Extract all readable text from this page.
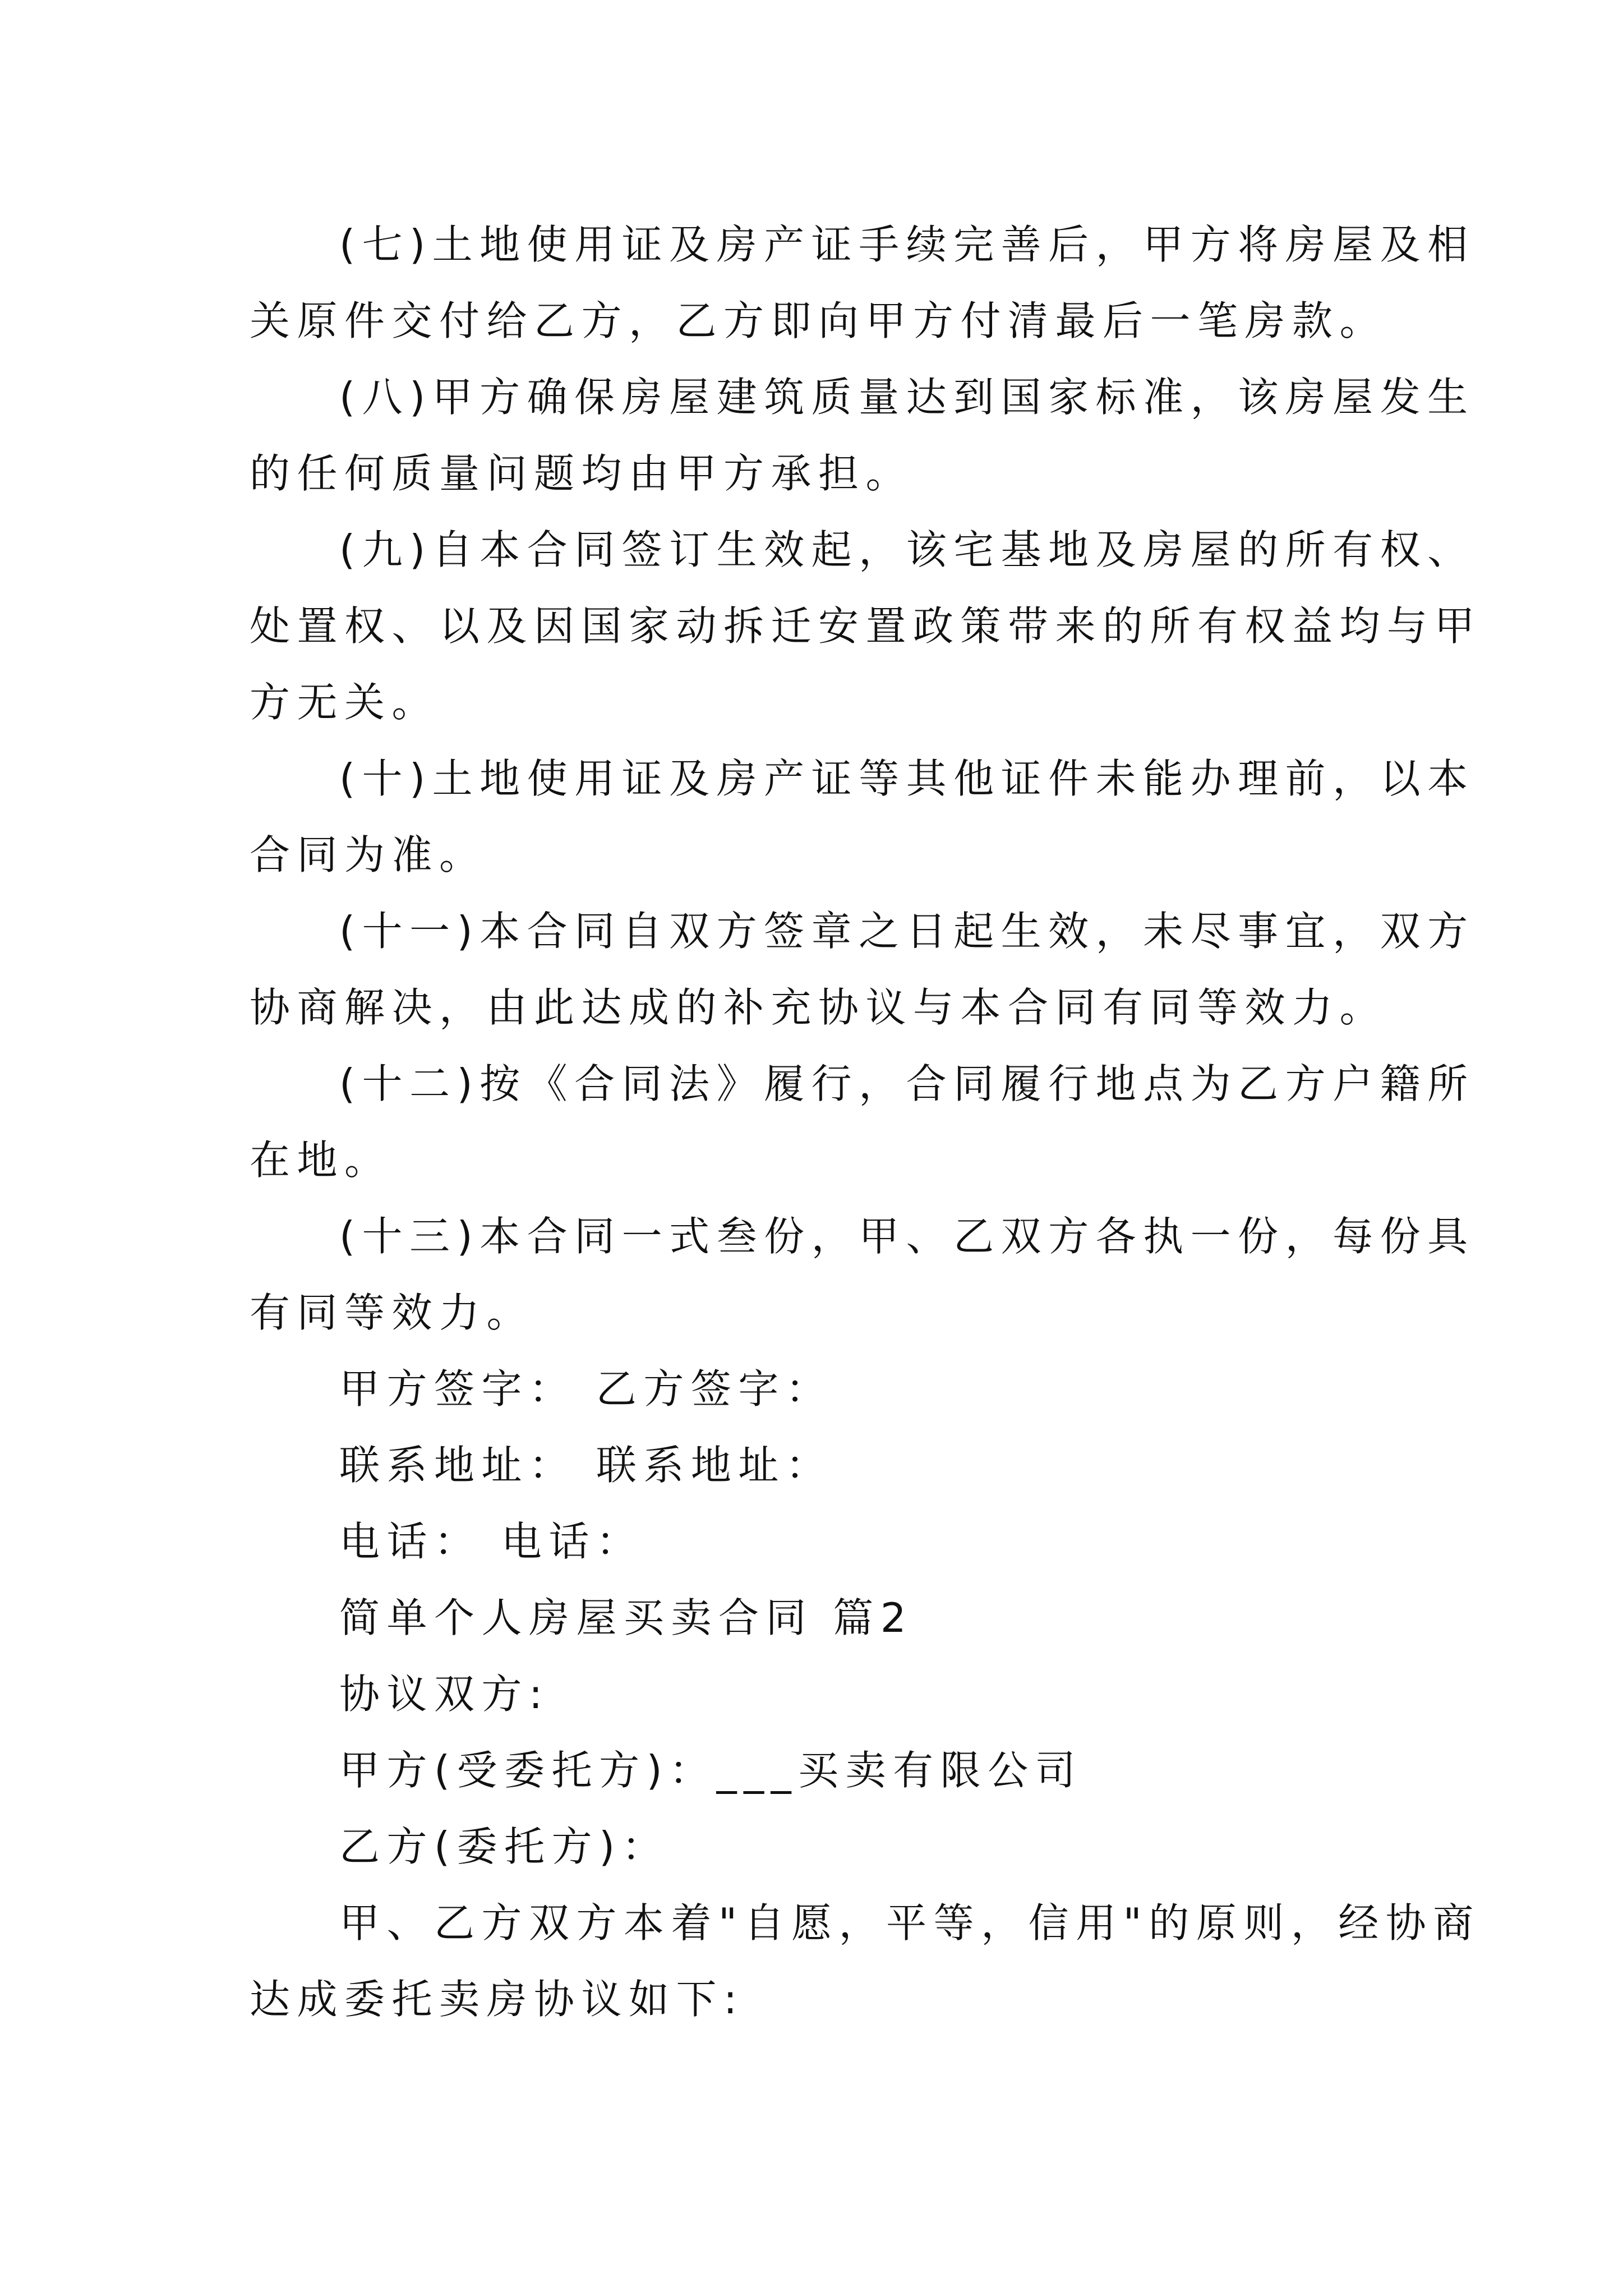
(七)土地使用证及房产证手续完善后，甲方将房屋及相
关原件交付给乙方，乙方即向甲方付清最后一笔房款。
(八)甲方确保房屋建筑质量达到国家标准，该房屋发生
的任何质量问题均由甲方承担。
(九)自本合同签订生效起，该宅基地及房屋的所有权、
处置权、以及因国家动拆迁安置政策带来的所有权益均与甲
方无关。
(十)土地使用证及房产证等其他证件未能办理前，以本
合同为准。
(十一)本合同自双方签章之日起生效，未尽事宜，双方
协商解决，由此达成的补充协议与本合同有同等效力。
(十二)按《合同法》履行，合同履行地点为乙方户籍所
在地。
(十三)本合同一式叁份，甲、乙双方各执一份，每份具
有同等效力。
甲方签字： 乙方签字：
联系地址： 联系地址：
电话： 电话：
简单个人房屋买卖合同 篇2
协议双方:
甲方(受委托方)：___买卖有限公司
乙方(委托方)：
甲、乙方双方本着"自愿，平等，信用"的原则，经协商
达成委托卖房协议如下:
